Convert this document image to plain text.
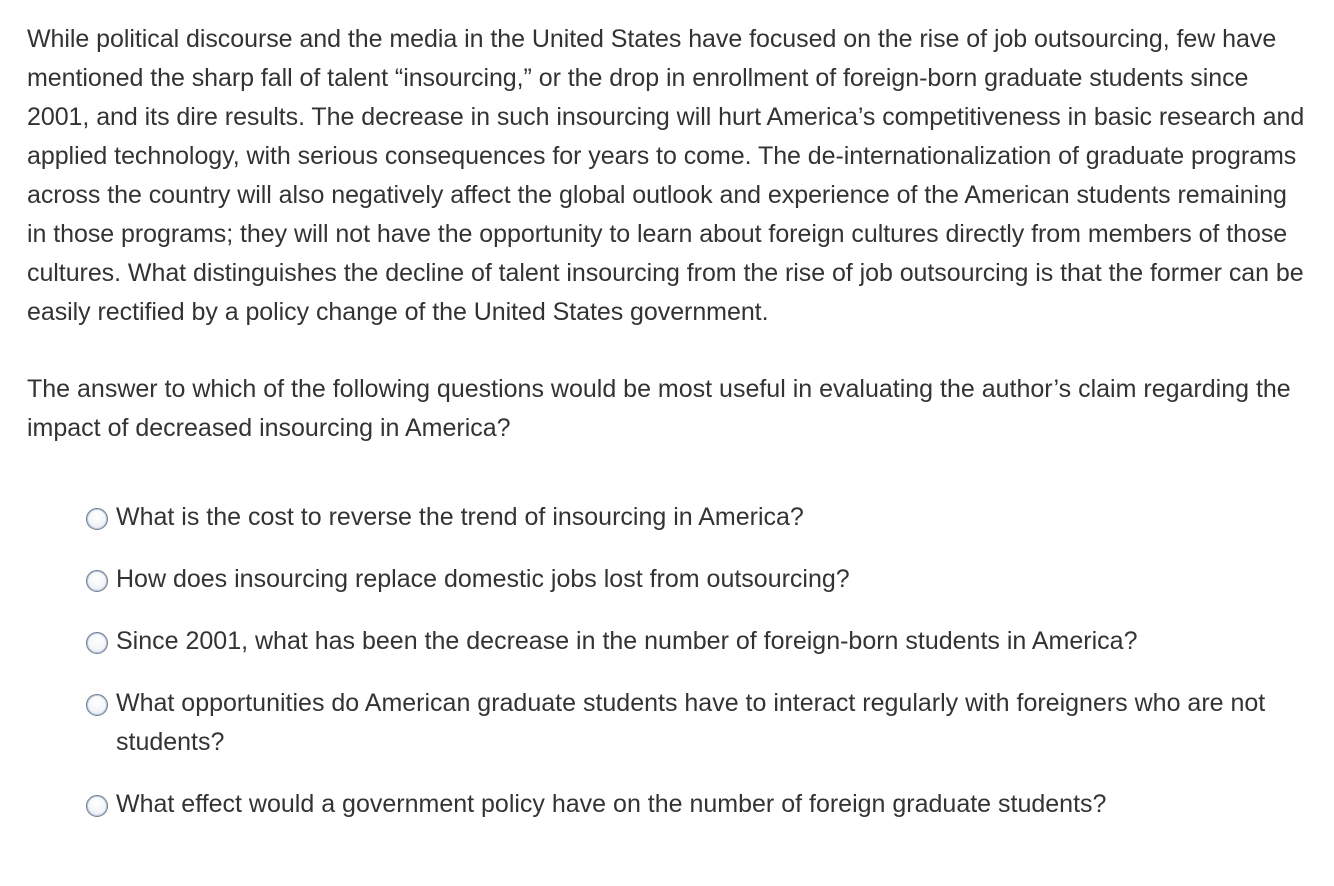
While political discourse and the media in the United States have focused on the rise of job outsourcing, few have mentioned the sharp fall of talent “insourcing,” or the drop in enrollment of foreign-born graduate students since 2001, and its dire results. The decrease in such insourcing will hurt America’s competitiveness in basic research and applied technology, with serious consequences for years to come. The de-internationalization of graduate programs across the country will also negatively affect the global outlook and experience of the American students remaining in those programs; they will not have the opportunity to learn about foreign cultures directly from members of those cultures. What distinguishes the decline of talent insourcing from the rise of job outsourcing is that the former can be easily rectified by a policy change of the United States government.

The answer to which of the following questions would be most useful in evaluating the author’s claim regarding the impact of decreased insourcing in America?

What is the cost to reverse the trend of insourcing in America?
How does insourcing replace domestic jobs lost from outsourcing?
Since 2001, what has been the decrease in the number of foreign-born students in America?
What opportunities do American graduate students have to interact regularly with foreigners who are not students?
What effect would a government policy have on the number of foreign graduate students?
